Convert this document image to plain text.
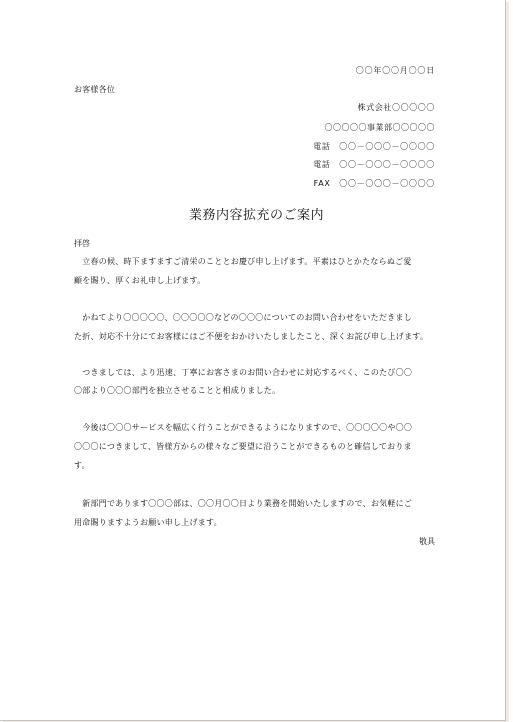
〇〇年〇〇月〇〇日
お客様各位
株式会社〇〇〇〇〇
〇〇〇〇〇事業部〇〇〇〇〇
電話　〇〇－〇〇〇－〇〇〇〇
電話　〇〇－〇〇〇－〇〇〇〇
FAX　〇〇－〇〇〇－〇〇〇〇
業務内容拡充のご案内
拝啓
　立春の候、時下ますますご清栄のこととお慶び申し上げます。平素はひとかたならぬご愛
顧を賜り、厚くお礼申し上げます。
　かねてより〇〇〇〇〇、〇〇〇〇〇などの〇〇〇についてのお問い合わせをいただきまし
た折、対応不十分にてお客様にはご不便をおかけいたしましたこと、深くお詫び申し上げます。
　つきましては、より迅速、丁寧にお客さまのお問い合わせに対応するべく、このたび〇〇
〇部より〇〇〇部門を独立させることと相成りました。
　今後は〇〇〇サービスを幅広く行うことができるようになりますので、〇〇〇〇〇や〇〇
〇〇〇につきまして、皆様方からの様々なご要望に沿うことができるものと確信しておりま
す。
　新部門であります〇〇〇部は、〇〇月〇〇日より業務を開始いたしますので、お気軽にご
用命賜りますようお願い申し上げます。
敬具
